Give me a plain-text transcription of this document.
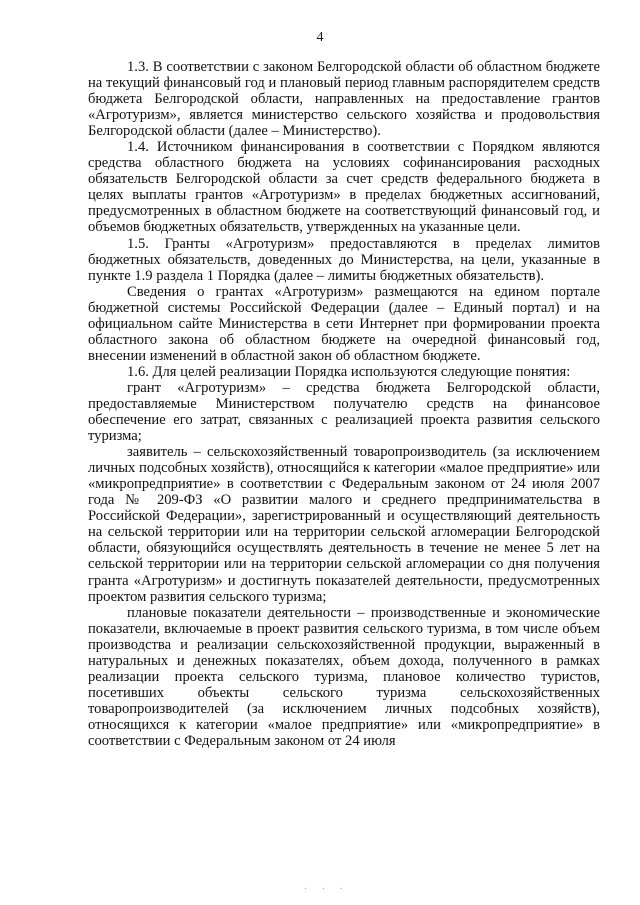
4

1.3. В соответствии с законом Белгородской области об областном бюджете на текущий финансовый год и плановый период главным распорядителем средств бюджета Белгородской области, направленных на предоставление грантов «Агротуризм», является министерство сельского хозяйства и продовольствия Белгородской области (далее – Министерство).

1.4. Источником финансирования в соответствии с Порядком являются средства областного бюджета на условиях софинансирования расходных обязательств Белгородской области за счет средств федерального бюджета в целях выплаты грантов «Агротуризм» в пределах бюджетных ассигнований, предусмотренных в областном бюджете на соответствующий финансовый год, и объемов бюджетных обязательств, утвержденных на указанные цели.

1.5. Гранты «Агротуризм» предоставляются в пределах лимитов бюджетных обязательств, доведенных до Министерства, на цели, указанные в пункте 1.9 раздела 1 Порядка (далее – лимиты бюджетных обязательств).

Сведения о грантах «Агротуризм» размещаются на едином портале бюджетной системы Российской Федерации (далее – Единый портал) и на официальном сайте Министерства в сети Интернет при формировании проекта областного закона об областном бюджете на очередной финансовый год, внесении изменений в областной закон об областном бюджете.

1.6. Для целей реализации Порядка используются следующие понятия:

грант «Агротуризм» – средства бюджета Белгородской области, предоставляемые Министерством получателю средств на финансовое обеспечение его затрат, связанных с реализацией проекта развития сельского туризма;

заявитель – сельскохозяйственный товаропроизводитель (за исключением личных подсобных хозяйств), относящийся к категории «малое предприятие» или «микропредприятие» в соответствии с Федеральным законом от 24 июля 2007 года № 209-ФЗ «О развитии малого и среднего предпринимательства в Российской Федерации», зарегистрированный и осуществляющий деятельность на сельской территории или на территории сельской агломерации Белгородской области, обязующийся осуществлять деятельность в течение не менее 5 лет на сельской территории или на территории сельской агломерации со дня получения гранта «Агротуризм» и достигнуть показателей деятельности, предусмотренных проектом развития сельского туризма;

плановые показатели деятельности – производственные и экономические показатели, включаемые в проект развития сельского туризма, в том числе объем производства и реализации сельскохозяйственной продукции, выраженный в натуральных и денежных показателях, объем дохода, полученного в рамках реализации проекта сельского туризма, плановое количество туристов, посетивших объекты сельского туризма сельскохозяйственных товаропроизводителей (за исключением личных подсобных хозяйств), относящихся к категории «малое предприятие» или «микропредприятие» в соответствии с Федеральным законом от 24 июля

· · ·
